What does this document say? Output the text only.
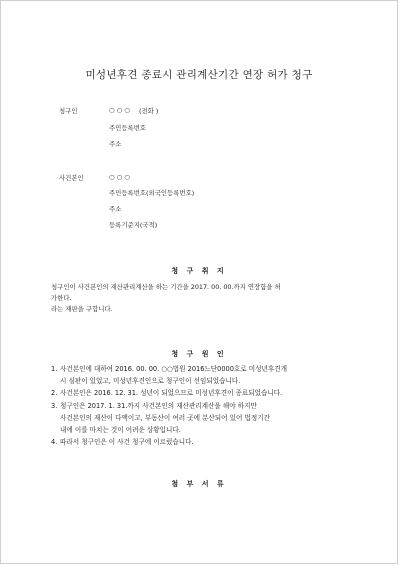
미성년후견 종료시 관리계산기간 연장 허가 청구
청구인	○ ○ ○ (전화 )
주민등록번호
주소
사건본인	○ ○ ○
주민등록번호(외국인등록번호)
주소
등록기준지(국적)
청 구 취 지
청구인이 사건본인의 재산관리계산을 하는 기간을 2017. 00. 00.까지 연장함을 허
가한다.
라는 재판을 구합니다.
청 구 원 인
1. 사건본인에 대하여 2016. 00. 00. ○○법원 2016느단0000호로 미성년후견개
시 심판이 있었고, 미성년후견인으로 청구인이 선임되었습니다.
2. 사건본인은 2016. 12. 31. 성년이 되었으므로 미성년후견이 종료되었습니다.
3. 청구인은 2017. 1. 31.까지 사건본인의 재산관리계산을 해야 하지만
사건본인의 재산이 다액이고, 부동산이 여러 곳에 분산되어 있어 법정기간
내에 이를 마치는 것이 어려운 상황입니다.
4. 따라서 청구인은 이 사건 청구에 이르렀습니다.
첨 부 서 류
